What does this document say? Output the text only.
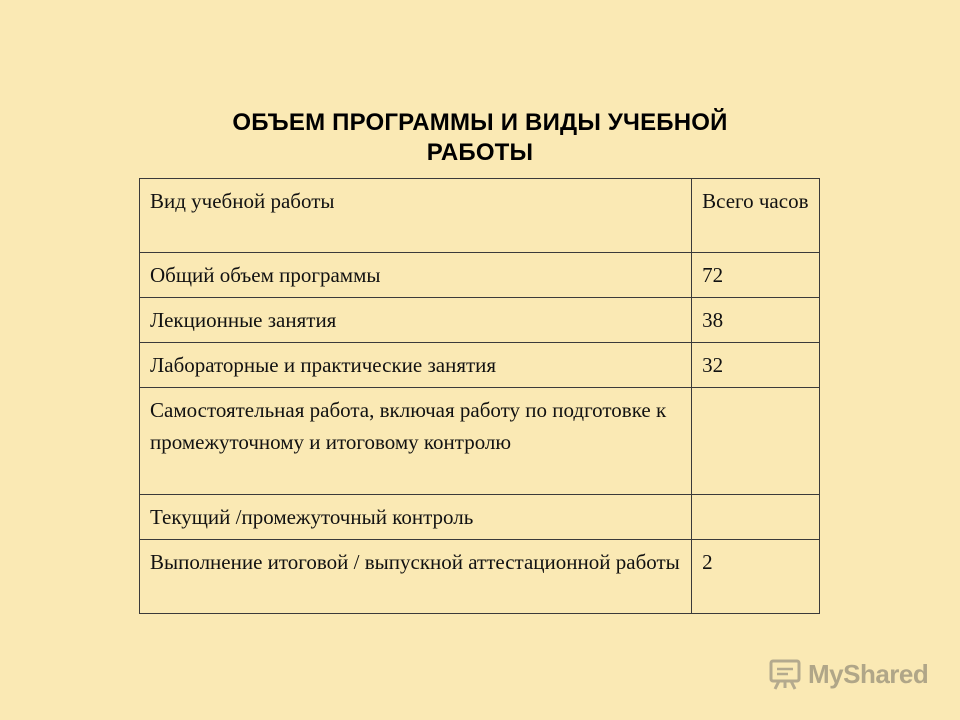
ОБЪЕМ ПРОГРАММЫ И ВИДЫ УЧЕБНОЙ
РАБОТЫ
Вид учебной работы	Всего часов
Общий объем программы	72
Лекционные занятия	38
Лабораторные и практические занятия	32
Самостоятельная работа, включая работу по подготовке к промежуточному и итоговому контролю	
Текущий /промежуточный контроль	
Выполнение итоговой / выпускной аттестационной работы	2
MyShared
